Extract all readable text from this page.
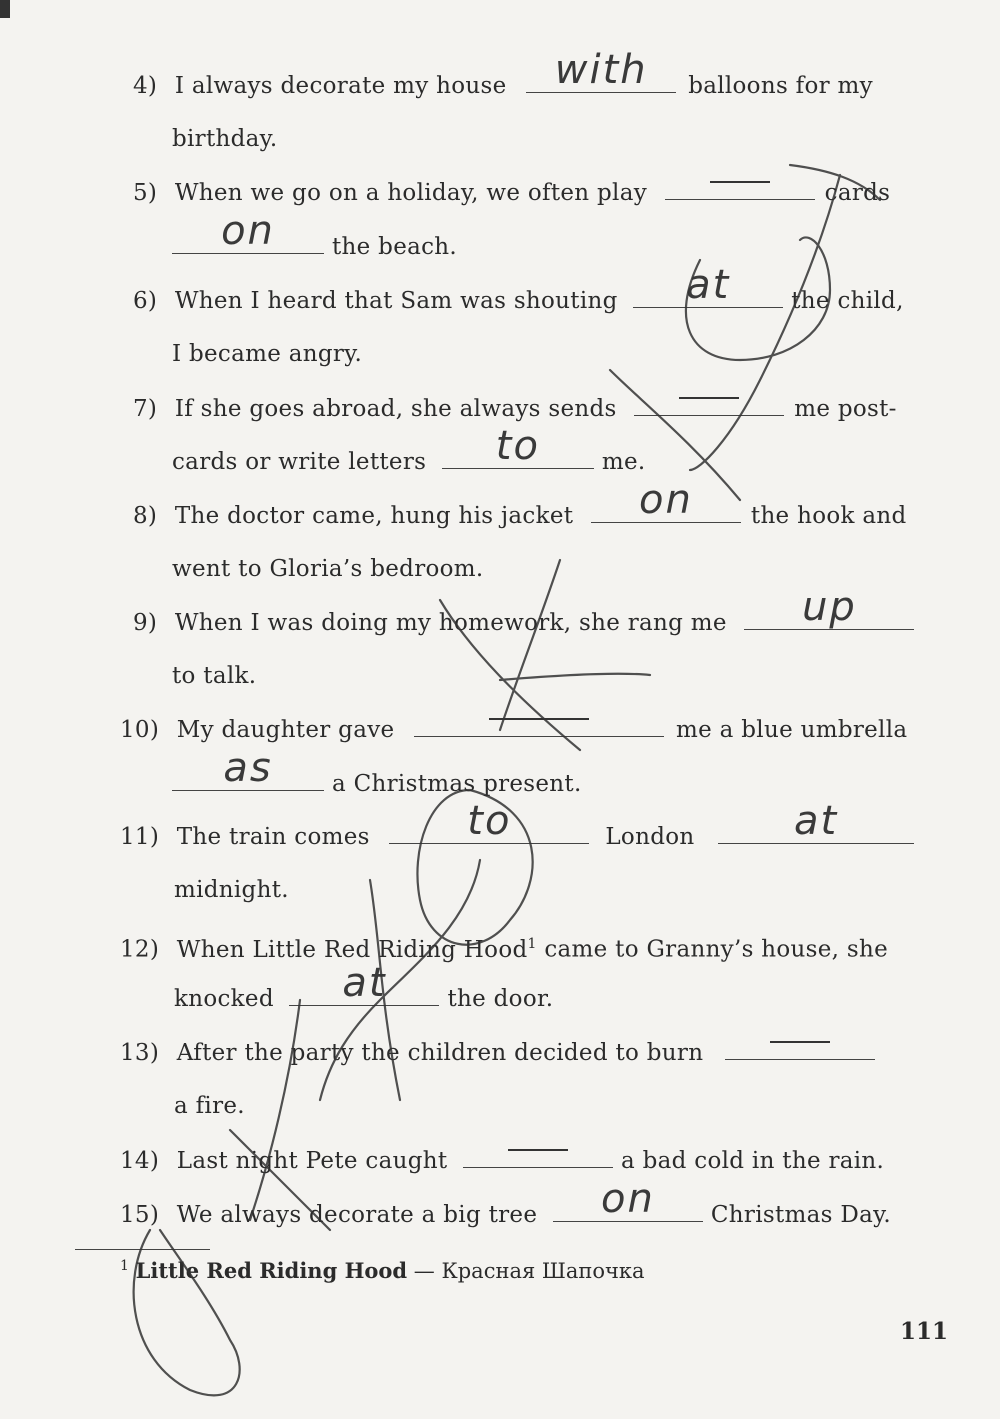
4) I always decorate my house	with	balloons for my
birthday.
5) When we go on a holiday, we often play	cards
on	the beach.
6) When I heard that Sam was shouting	at	the child,
I became angry.
7) If she goes abroad, she always sends	me post-
cards or write letters	to	me.
8) The doctor came, hung his jacket	on	the hook and
went to Gloria’s bedroom.
9) When I was doing my homework, she rang me	up
to talk.
10) My daughter gave	me a blue umbrella
as	a Christmas present.
11) The train comes	to	London	at
midnight.
12) When Little Red Riding Hood$^1$ came to Granny’s house, she
knocked	at	the door.
13) After the party the children decided to burn
a fire.
14) Last night Pete caught	a bad cold in the rain.
15) We always decorate a big tree	on	Christmas Day.
$^1$ Little Red Riding Hood — Красная Шапочка
111
